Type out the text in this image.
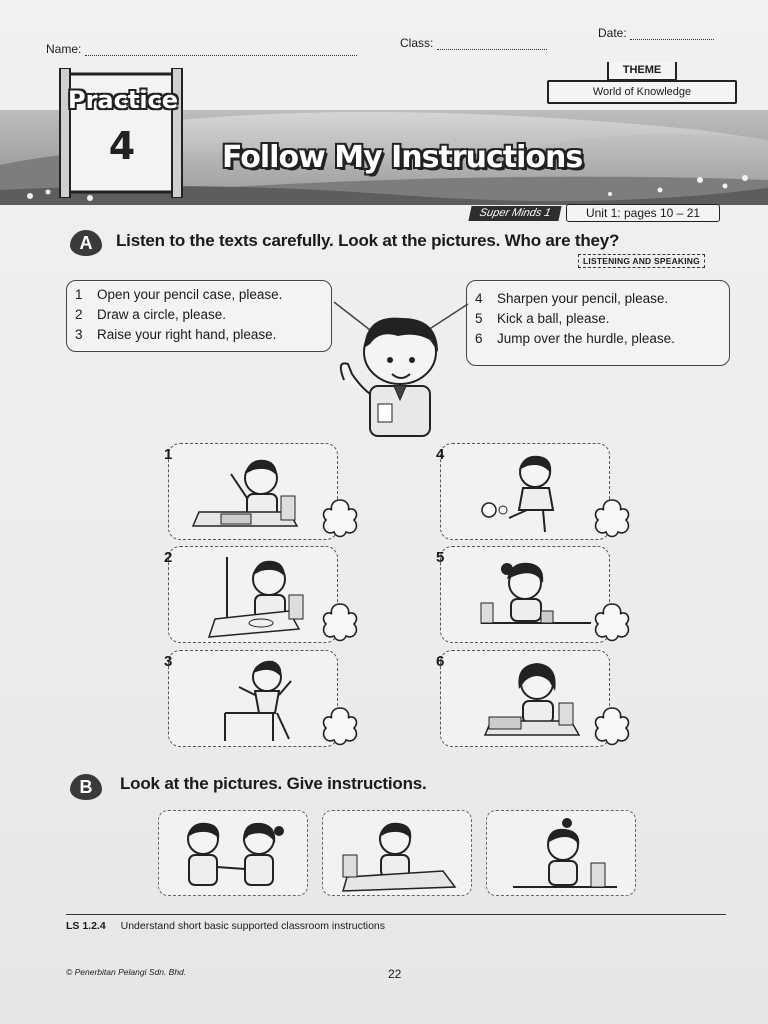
Name:	Class:
Date:
THEME
World of Knowledge
Practice
4	Follow My Instructions
Super Minds 1	Unit 1: pages 10 – 21
A	Listen to the texts carefully. Look at the pictures. Who are they?
LISTENING AND SPEAKING
1 Open your pencil case, please.
2 Draw a circle, please.
3 Raise your right hand, please.
4 Sharpen your pencil, please.
5 Kick a ball, please.
6 Jump over the hurdle, please.
1
2
3
4
5
6
B	Look at the pictures. Give instructions.
LS 1.2.4 Understand short basic supported classroom instructions
© Penerbitan Pelangi Sdn. Bhd.	22
